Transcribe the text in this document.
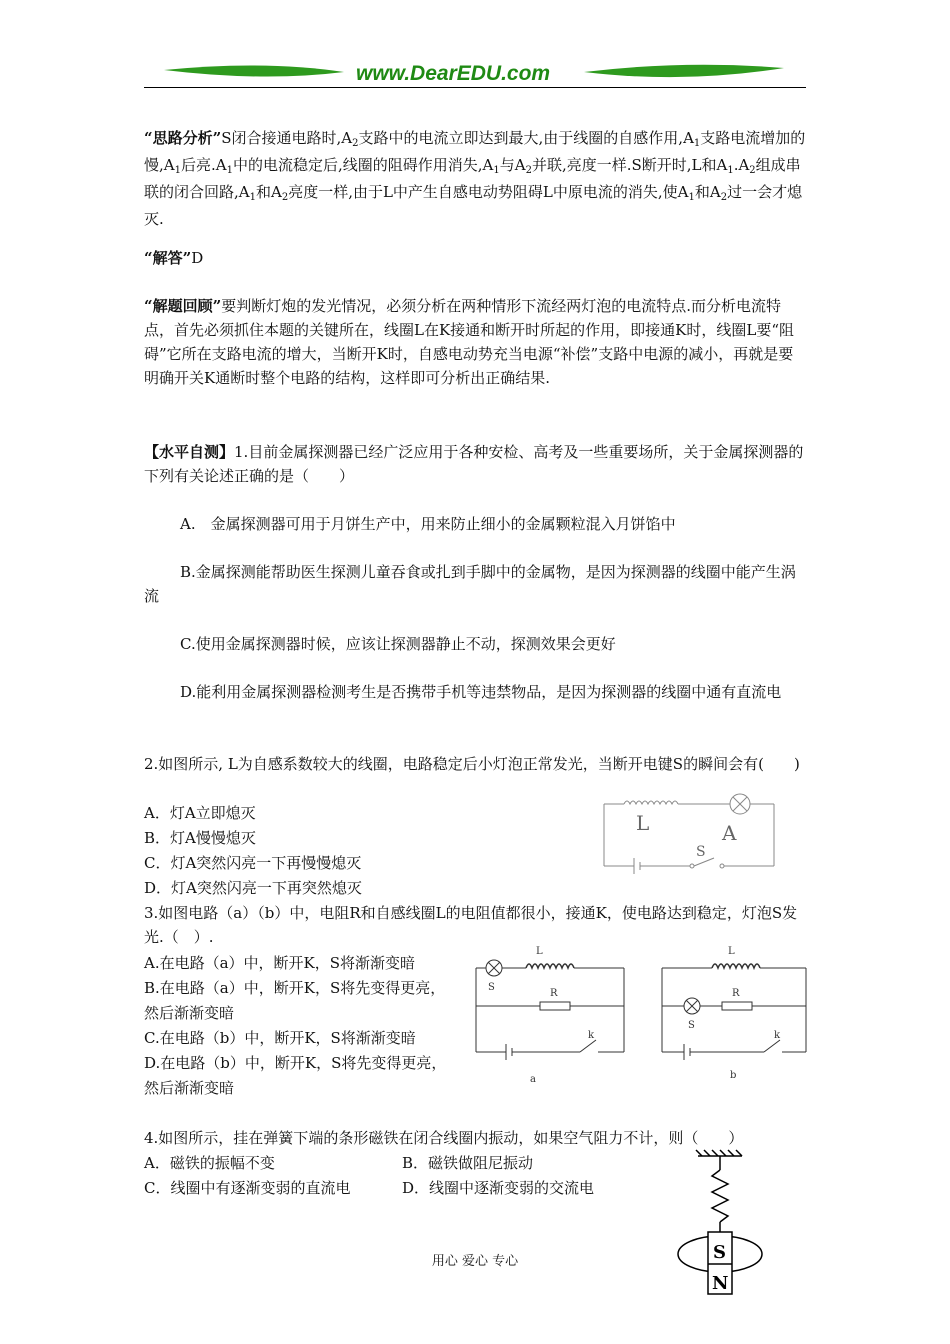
www.DearEDU.com

“思路分析”S闭合接通电路时$,A_2$支路中的电流立即达到最大,由于线圈的自感作用$,A_1$支路电流增加的慢$,A_1$后亮$.A_1$中的电流稳定后,线圈的阻碍作用消失$,A_1$与$A_2$并联,亮度一样.S断开时,L和$A_1.A_2$组成串联的闭合回路$,A_1$和$A_2$亮度一样,由于L中产生自感电动势阻碍L中原电流的消失,使$A_1$和$A_2$过一会才熄灭.

“解答”D

“解题回顾”要判断灯炮的发光情况，必须分析在两种情形下流经两灯泡的电流特点.而分析电流特点，首先必须抓住本题的关键所在，线圈L在K接通和断开时所起的作用，即接通K时，线圈L要“阻碍”它所在支路电流的增大，当断开K时，自感电动势充当电源“补偿”支路中电源的减小，再就是要明确开关K通断时整个电路的结构，这样即可分析出正确结果.

【水平自测】1.目前金属探测器已经广泛应用于各种安检、高考及一些重要场所，关于金属探测器的下列有关论述正确的是（　　）

A.　金属探测器可用于月饼生产中，用来防止细小的金属颗粒混入月饼馅中

B.金属探测能帮助医生探测儿童吞食或扎到手脚中的金属物，是因为探测器的线圈中能产生涡流

C.使用金属探测器时候，应该让探测器静止不动，探测效果会更好

D.能利用金属探测器检测考生是否携带手机等违禁物品，是因为探测器的线圈中通有直流电

2.如图所示, L为自感系数较大的线圈，电路稳定后小灯泡正常发光，当断开电键S的瞬间会有(　　)

A．灯A立即熄灭

B．灯A慢慢熄灭

C．灯A突然闪亮一下再慢慢熄灭

D．灯A突然闪亮一下再突然熄灭

L	A
S

3.如图电路（a）（b）中，电阻R和自感线圈L的电阻值都很小，接通K，使电路达到稳定，灯泡S发光.（　）.

A.在电路（a）中，断开K，S将渐渐变暗

B.在电路（a）中，断开K，S将先变得更亮，

然后渐渐变暗

C.在电路（b）中，断开K，S将渐渐变暗

D.在电路（b）中，断开K，S将先变得更亮，

然后渐渐变暗

L
S
R
k
a
L
S
R
k
b

4.如图所示，挂在弹簧下端的条形磁铁在闭合线圈内振动，如果空气阻力不计，则（　　）

A．磁铁的振幅不变	B．磁铁做阻尼振动

C．线圈中有逐渐变弱的直流电	D．线圈中逐渐变弱的交流电

S
N
用心 爱心 专心
